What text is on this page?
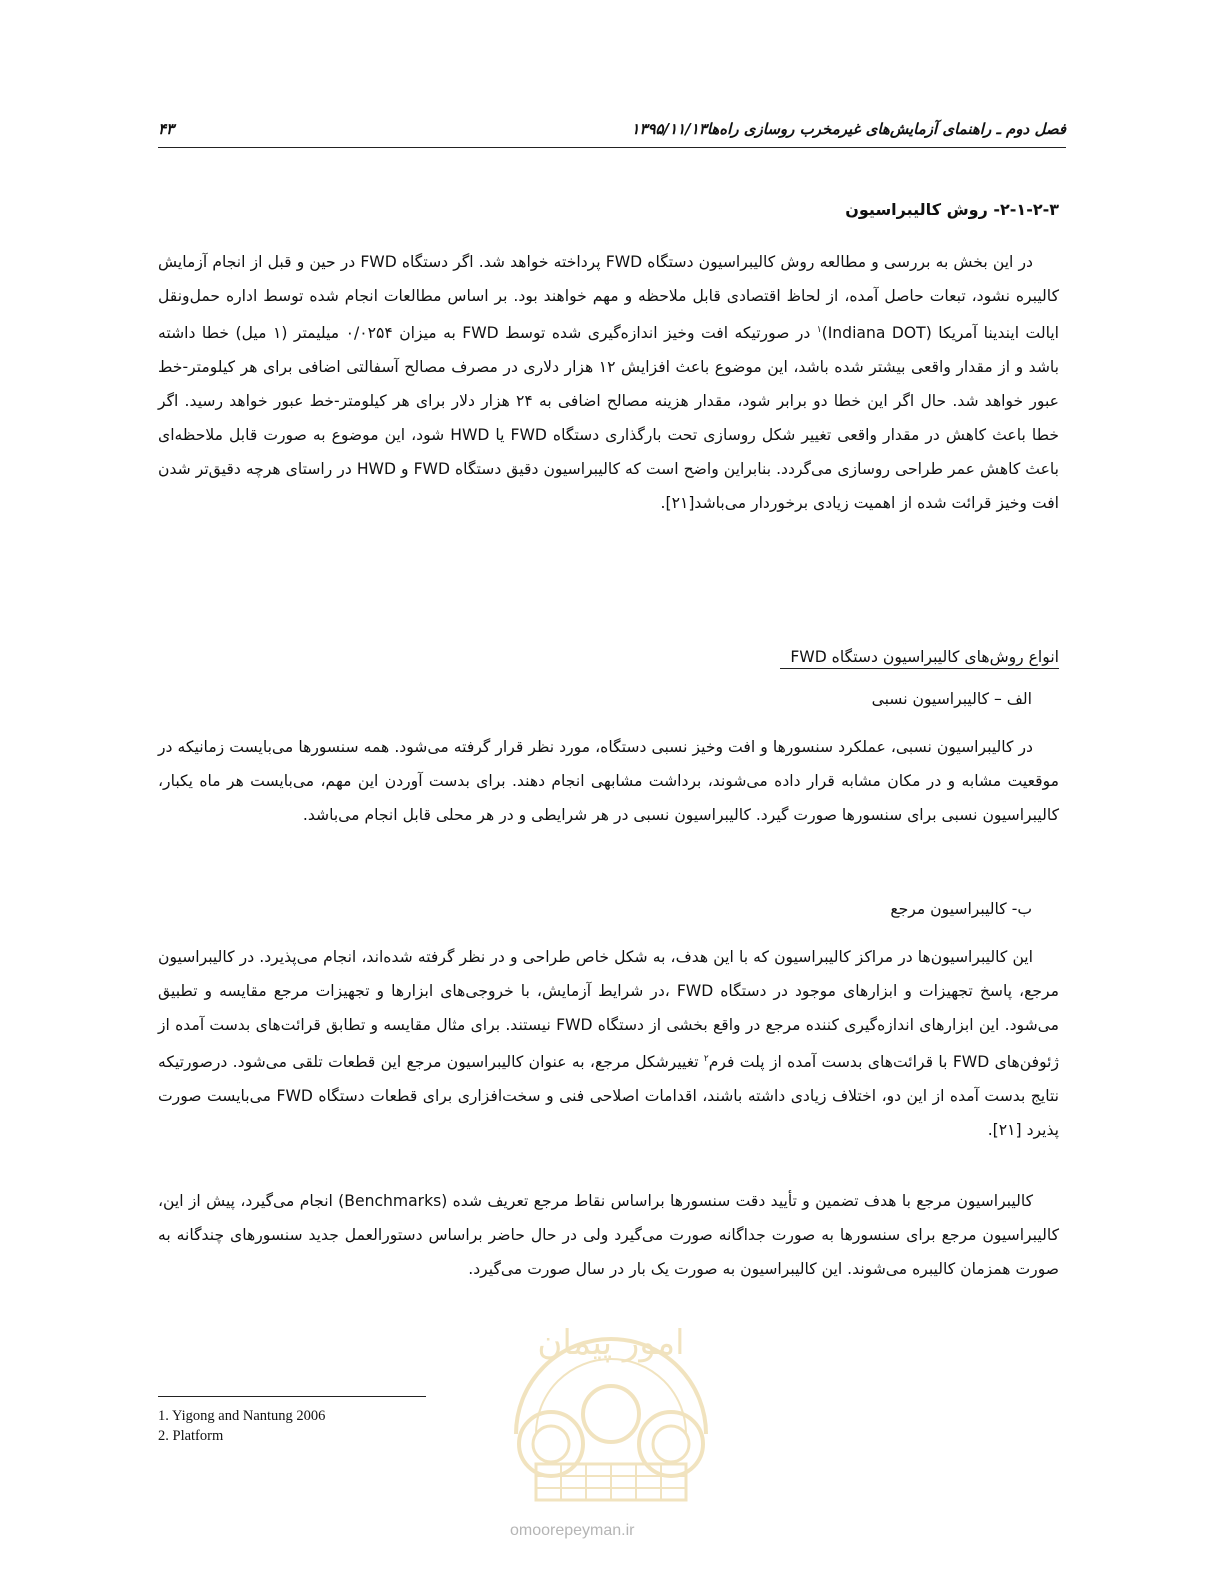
فصل دوم ـ راهنمای آزمایش‌های غیرمخرب روسازی راه‌ها۱۳۹۵/۱۱/۱۳
۴۳
۲-۱-۲-۳- روش کالیبراسیون

در این بخش به بررسی و مطالعه روش کالیبراسیون دستگاه FWD پرداخته خواهد شد. اگر دستگاه FWD در حین و قبل از انجام آزمایش کالیبره نشود، تبعات حاصل آمده، از لحاظ اقتصادی قابل ملاحظه و مهم خواهند بود. بر اساس مطالعات انجام شده توسط اداره حمل‌ونقل ایالت ایندینا آمریکا (Indiana DOT)$^۱$ در صورتیکه افت وخیز اندازه‌گیری شده توسط FWD به میزان ۰/۰۲۵۴ میلیمتر (۱ میل) خطا داشته باشد و از مقدار واقعی بیشتر شده باشد، این موضوع باعث افزایش ۱۲ هزار دلاری در مصرف مصالح آسفالتی اضافی برای هر کیلومتر-خط عبور خواهد شد. حال اگر این خطا دو برابر شود، مقدار هزینه مصالح اضافی به ۲۴ هزار دلار برای هر کیلومتر-خط عبور خواهد رسید. اگر خطا باعث کاهش در مقدار واقعی تغییر شکل روسازی تحت بارگذاری دستگاه FWD یا HWD شود، این موضوع به صورت قابل ملاحظه‌ای باعث کاهش عمر طراحی روسازی می‌گردد. بنابراین واضح است که کالیبراسیون دقیق دستگاه FWD و HWD در راستای هرچه دقیق‌تر شدن افت وخیز قرائت شده از اهمیت زیادی برخوردار می‌باشد[۲۱].

انواع روش‌های کالیبراسیون دستگاه FWD
الف – کالیبراسیون نسبی

در کالیبراسیون نسبی، عملکرد سنسورها و افت وخیز نسبی دستگاه، مورد نظر قرار گرفته می‌شود. همه سنسورها می‌بایست زمانیکه در موقعیت مشابه و در مکان مشابه قرار داده می‌شوند، برداشت مشابهی انجام دهند. برای بدست آوردن این مهم، می‌بایست هر ماه یکبار، کالیبراسیون نسبی برای سنسورها صورت گیرد. کالیبراسیون نسبی در هر شرایطی و در هر محلی قابل انجام می‌باشد.

ب- کالیبراسیون مرجع

این کالیبراسیون‌ها در مراکز کالیبراسیون که با این هدف، به شکل خاص طراحی و در نظر گرفته شده‌اند، انجام می‌پذیرد. در کالیبراسیون مرجع، پاسخ تجهیزات و ابزارهای موجود در دستگاه FWD ،در شرایط آزمایش، با خروجی‌های ابزارها و تجهیزات مرجع مقایسه و تطبیق می‌شود. این ابزارهای اندازه‌گیری کننده مرجع در واقع بخشی از دستگاه FWD نیستند. برای مثال مقایسه و تطابق قرائت‌های بدست آمده از ژئوفن‌های FWD با قرائت‌های بدست آمده از پلت فرم$^۲$ تغییرشکل مرجع، به عنوان کالیبراسیون مرجع این قطعات تلقی می‌شود. درصورتیکه نتایج بدست آمده از این دو، اختلاف زیادی داشته باشند، اقدامات اصلاحی فنی و سخت‌افزاری برای قطعات دستگاه FWD می‌بایست صورت پذیرد [۲۱].

کالیبراسیون مرجع با هدف تضمین و تأیید دقت سنسورها براساس نقاط مرجع تعریف شده (Benchmarks) انجام می‌گیرد، پیش از این، کالیبراسیون مرجع برای سنسورها به صورت جداگانه صورت می‌گیرد ولی در حال حاضر براساس دستورالعمل جدید سنسورهای چندگانه به صورت همزمان کالیبره می‌شوند. این کالیبراسیون به صورت یک بار در سال صورت می‌گیرد.

امور پیمان
omoorepeyman.ir
1. Yigong and Nantung 2006
2. Platform
